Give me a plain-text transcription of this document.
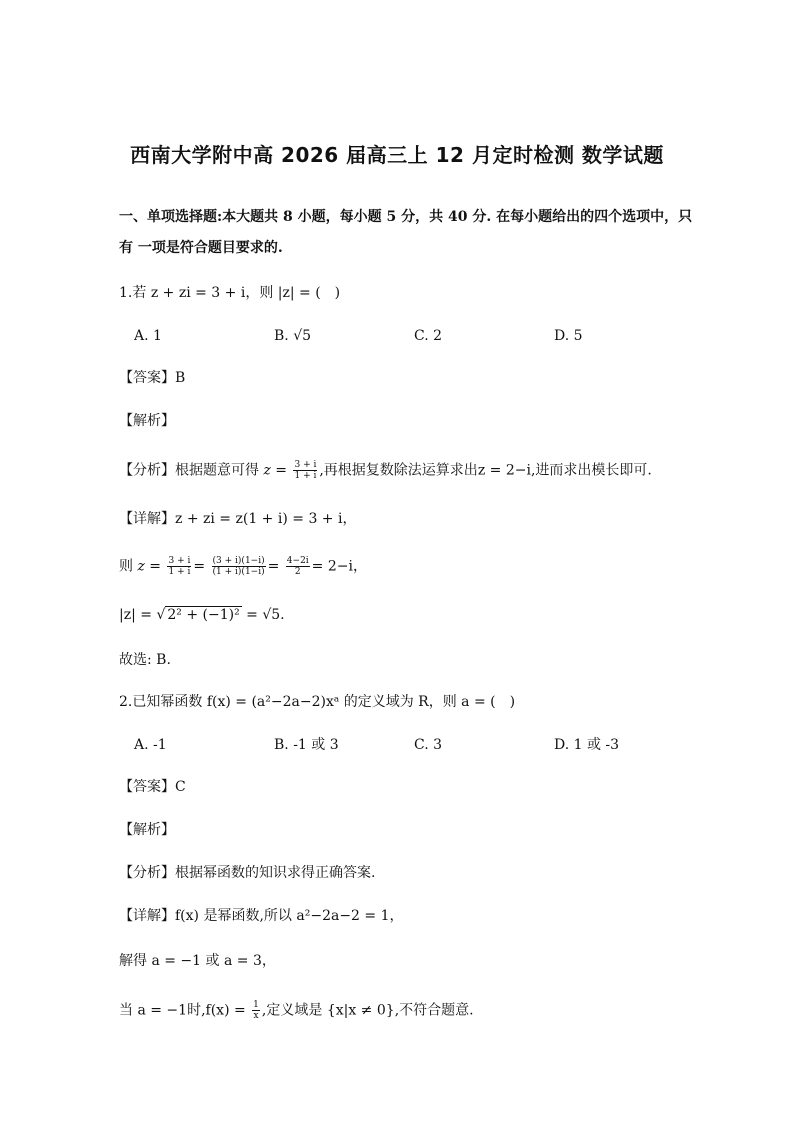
西南大学附中高 2026 届高三上 12 月定时检测 数学试题
一、单项选择题:本大题共 8 小题，每小题 5 分，共 40 分. 在每小题给出的四个选项中，只
有 一项是符合题目要求的.
1.若 z + zi = 3 + i，则 |z| = (　)
A. 1	B. √5	C. 2	D. 5
【答案】B
【解析】
【分析】根据题意可得 $z = \frac{3 + i}{1 + i}$ ,再根据复数除法运算求出z = 2−i,进而求出模长即可.
【详解】z + zi = z(1 + i) = 3 + i，
则 $z = \frac{3 + i}{1 + i} = \frac{(3 + i)(1-i)}{(1 + i)(1-i)} = \frac{4-2i}{2} = 2-i$，
|z| = √ 2² + (−1)² = √5.
故选: B.
2.已知幂函数 f(x) = (a²−2a−2)xᵃ 的定义域为 R，则 a = (　)
A. -1	B. -1 或 3	C. 3	D. 1 或 -3
【答案】C
【解析】
【分析】根据幂函数的知识求得正确答案.
【详解】f(x) 是幂函数,所以 a²−2a−2 = 1，
解得 a = −1 或 a = 3，
当 a = −1时$,f(x) = \frac{1}{x}$ ,定义域是 {x|x ≠ 0},不符合题意.
